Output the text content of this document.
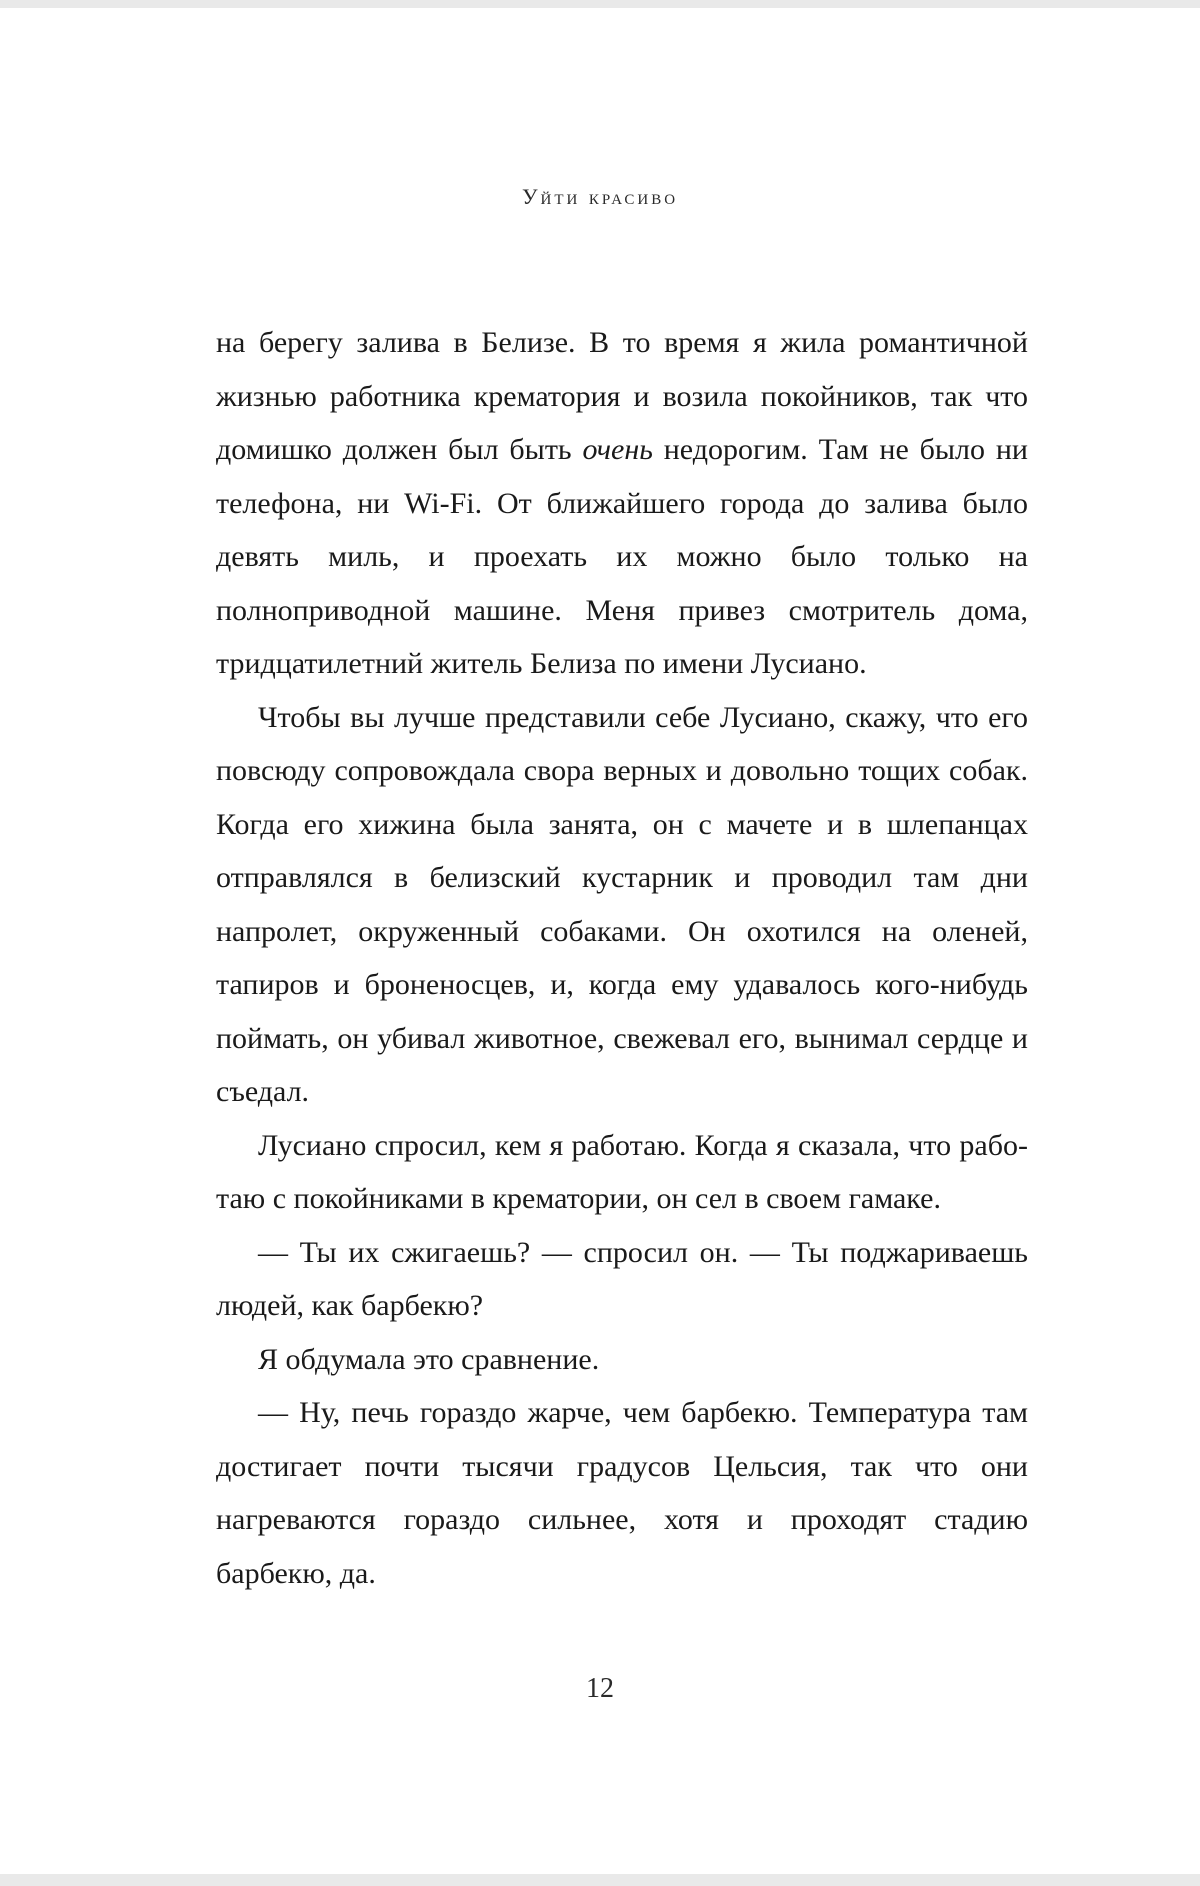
Уйти красиво

на берегу залива в Белизе. В то время я жила романтичной жизнью работника крематория и возила покойников, так что домишко должен был быть очень недорогим. Там не было ни телефона, ни Wi-Fi. От ближайшего города до залива было девять миль, и проехать их можно было только на полноприводной машине. Меня привез смотритель дома, тридцатилетний житель Белиза по имени Лусиано.

Чтобы вы лучше представили себе Лусиано, скажу, что его повсюду сопровождала свора верных и довольно тощих собак. Когда его хижина была занята, он с мачете и в шлепанцах отправлялся в белизский кустарник и проводил там дни напролет, окруженный собаками. Он охотился на оленей, тапиров и броненосцев, и, когда ему удавалось кого-нибудь поймать, он убивал животное, свежевал его, вынимал сердце и съедал.

Лусиано спросил, кем я работаю. Когда я сказала, что работаю с покойниками в крематории, он сел в своем гамаке.

— Ты их сжигаешь? — спросил он. — Ты поджариваешь людей, как барбекю?

Я обдумала это сравнение.

— Ну, печь гораздо жарче, чем барбекю. Температура там достигает почти тысячи градусов Цельсия, так что они нагреваются гораздо сильнее, хотя и проходят стадию барбекю, да.

12
